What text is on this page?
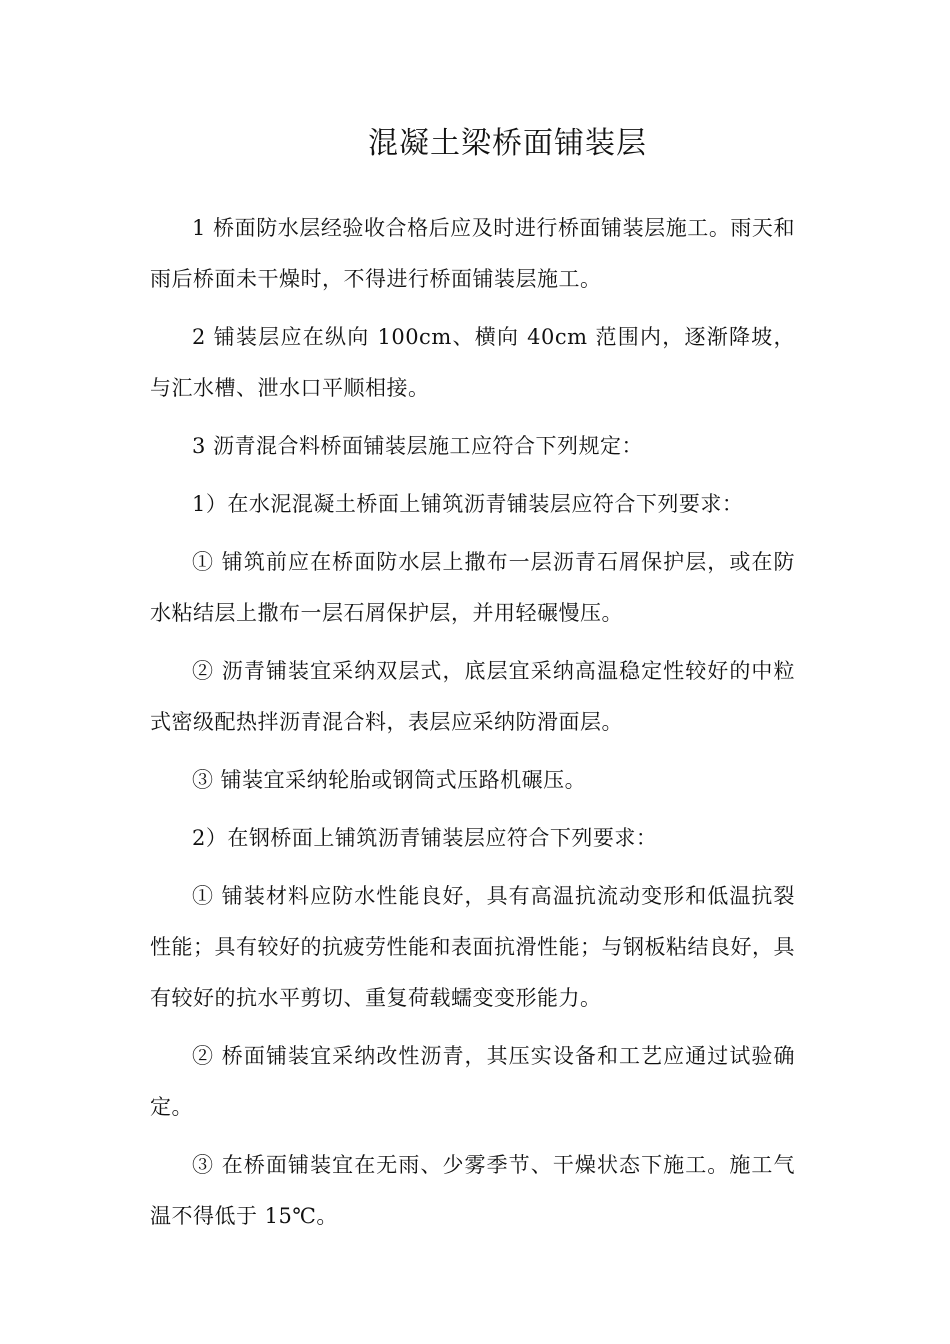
混凝土梁桥面铺装层

1 桥面防水层经验收合格后应及时进行桥面铺装层施工。雨天和雨后桥面未干燥时，不得进行桥面铺装层施工。

2 铺装层应在纵向 100cm、横向 40cm 范围内，逐渐降坡，与汇水槽、泄水口平顺相接。

3 沥青混合料桥面铺装层施工应符合下列规定：

1）在水泥混凝土桥面上铺筑沥青铺装层应符合下列要求：

① 铺筑前应在桥面防水层上撒布一层沥青石屑保护层，或在防水粘结层上撒布一层石屑保护层，并用轻碾慢压。

② 沥青铺装宜采纳双层式，底层宜采纳高温稳定性较好的中粒式密级配热拌沥青混合料，表层应采纳防滑面层。

③ 铺装宜采纳轮胎或钢筒式压路机碾压。

2）在钢桥面上铺筑沥青铺装层应符合下列要求：

① 铺装材料应防水性能良好，具有高温抗流动变形和低温抗裂性能；具有较好的抗疲劳性能和表面抗滑性能；与钢板粘结良好，具有较好的抗水平剪切、重复荷载蠕变变形能力。

② 桥面铺装宜采纳改性沥青，其压实设备和工艺应通过试验确定。

③ 在桥面铺装宜在无雨、少雾季节、干燥状态下施工。施工气温不得低于 15℃。
